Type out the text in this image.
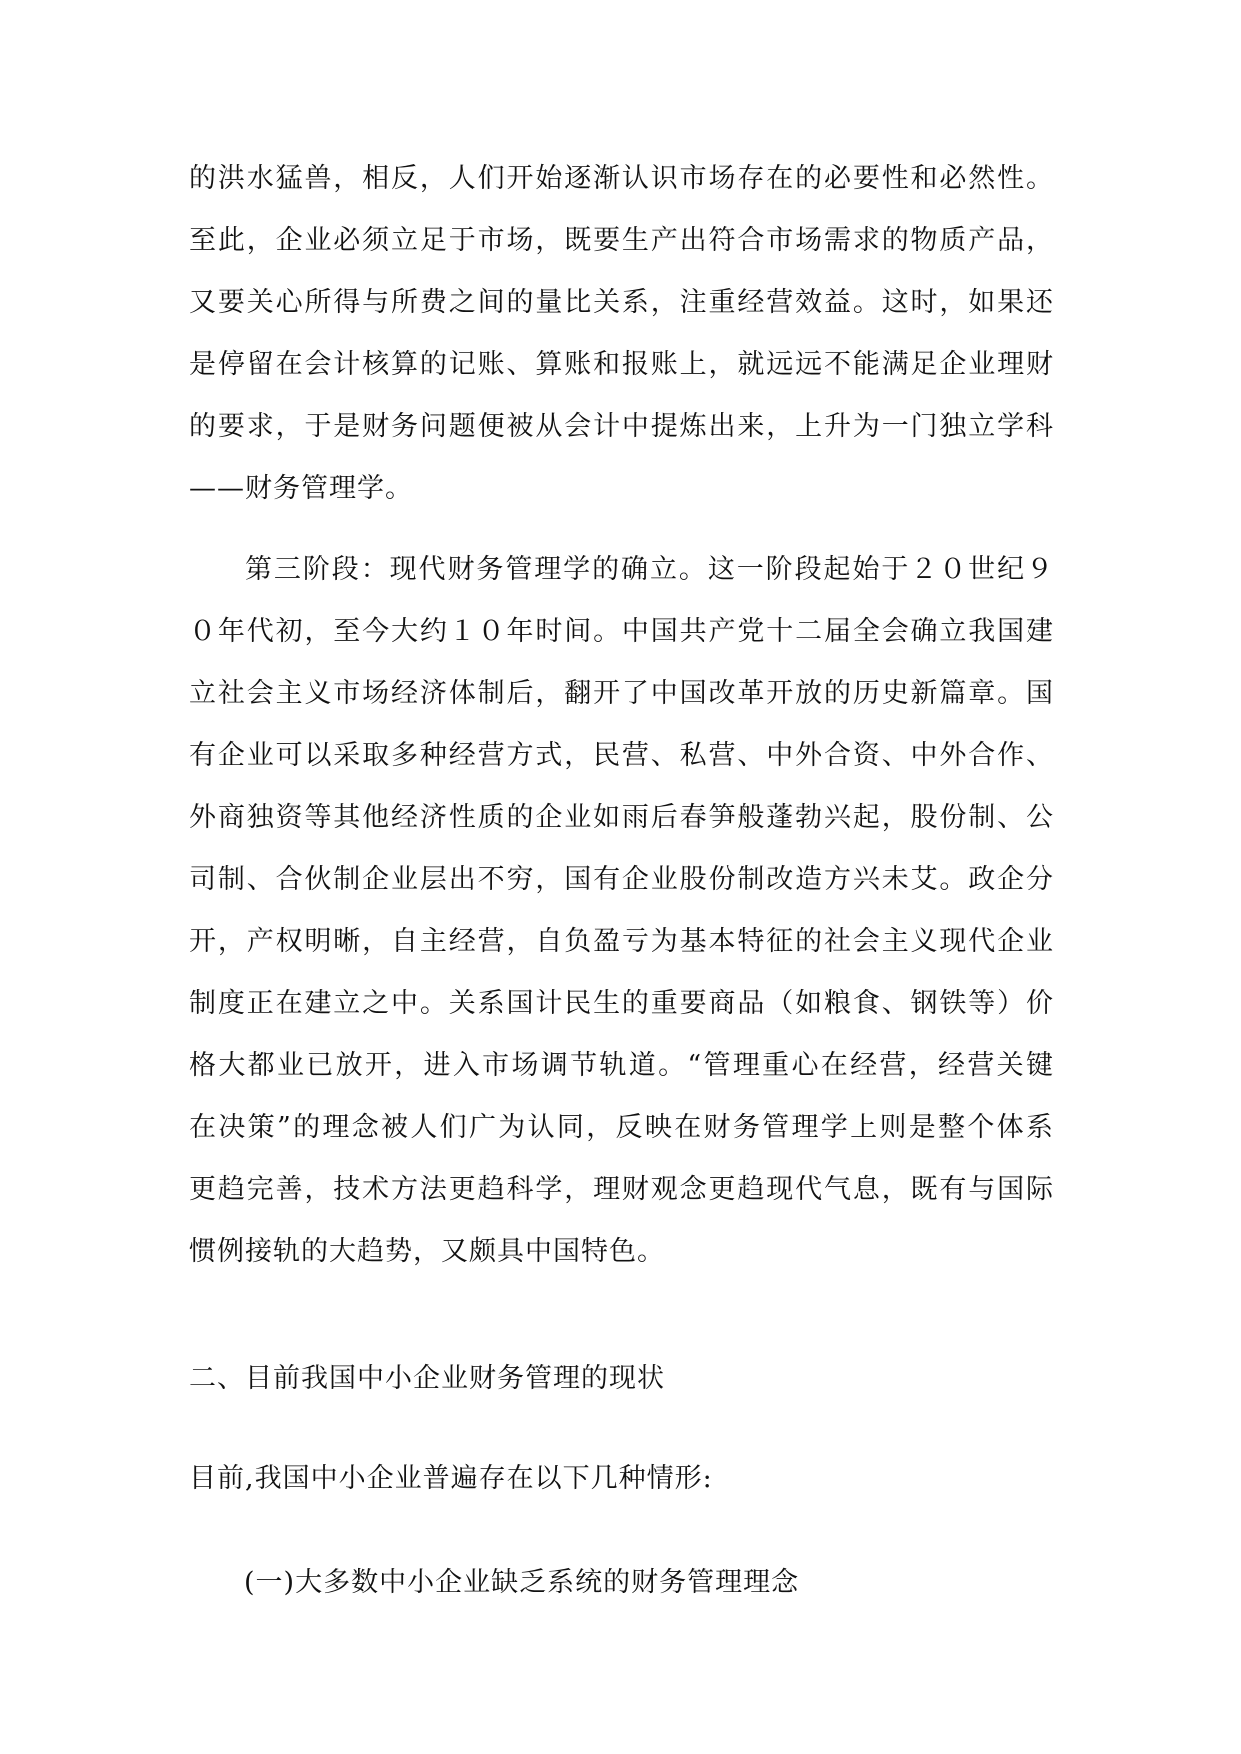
的洪水猛兽，相反，人们开始逐渐认识市场存在的必要性和必然性。
至此，企业必须立足于市场，既要生产出符合市场需求的物质产品，
又要关心所得与所费之间的量比关系，注重经营效益。这时，如果还
是停留在会计核算的记账、算账和报账上，就远远不能满足企业理财
的要求，于是财务问题便被从会计中提炼出来，上升为一门独立学科
——财务管理学。
第三阶段：现代财务管理学的确立。这一阶段起始于２０世纪９
０年代初，至今大约１０年时间。中国共产党十二届全会确立我国建
立社会主义市场经济体制后，翻开了中国改革开放的历史新篇章。国
有企业可以采取多种经营方式，民营、私营、中外合资、中外合作、
外商独资等其他经济性质的企业如雨后春笋般蓬勃兴起，股份制、公
司制、合伙制企业层出不穷，国有企业股份制改造方兴未艾。政企分
开，产权明晰，自主经营，自负盈亏为基本特征的社会主义现代企业
制度正在建立之中。关系国计民生的重要商品（如粮食、钢铁等）价
格大都业已放开，进入市场调节轨道。“管理重心在经营，经营关键
在决策”的理念被人们广为认同，反映在财务管理学上则是整个体系
更趋完善，技术方法更趋科学，理财观念更趋现代气息，既有与国际
惯例接轨的大趋势，又颇具中国特色。

二、目前我国中小企业财务管理的现状

目前,我国中小企业普遍存在以下几种情形:

(一)大多数中小企业缺乏系统的财务管理理念
